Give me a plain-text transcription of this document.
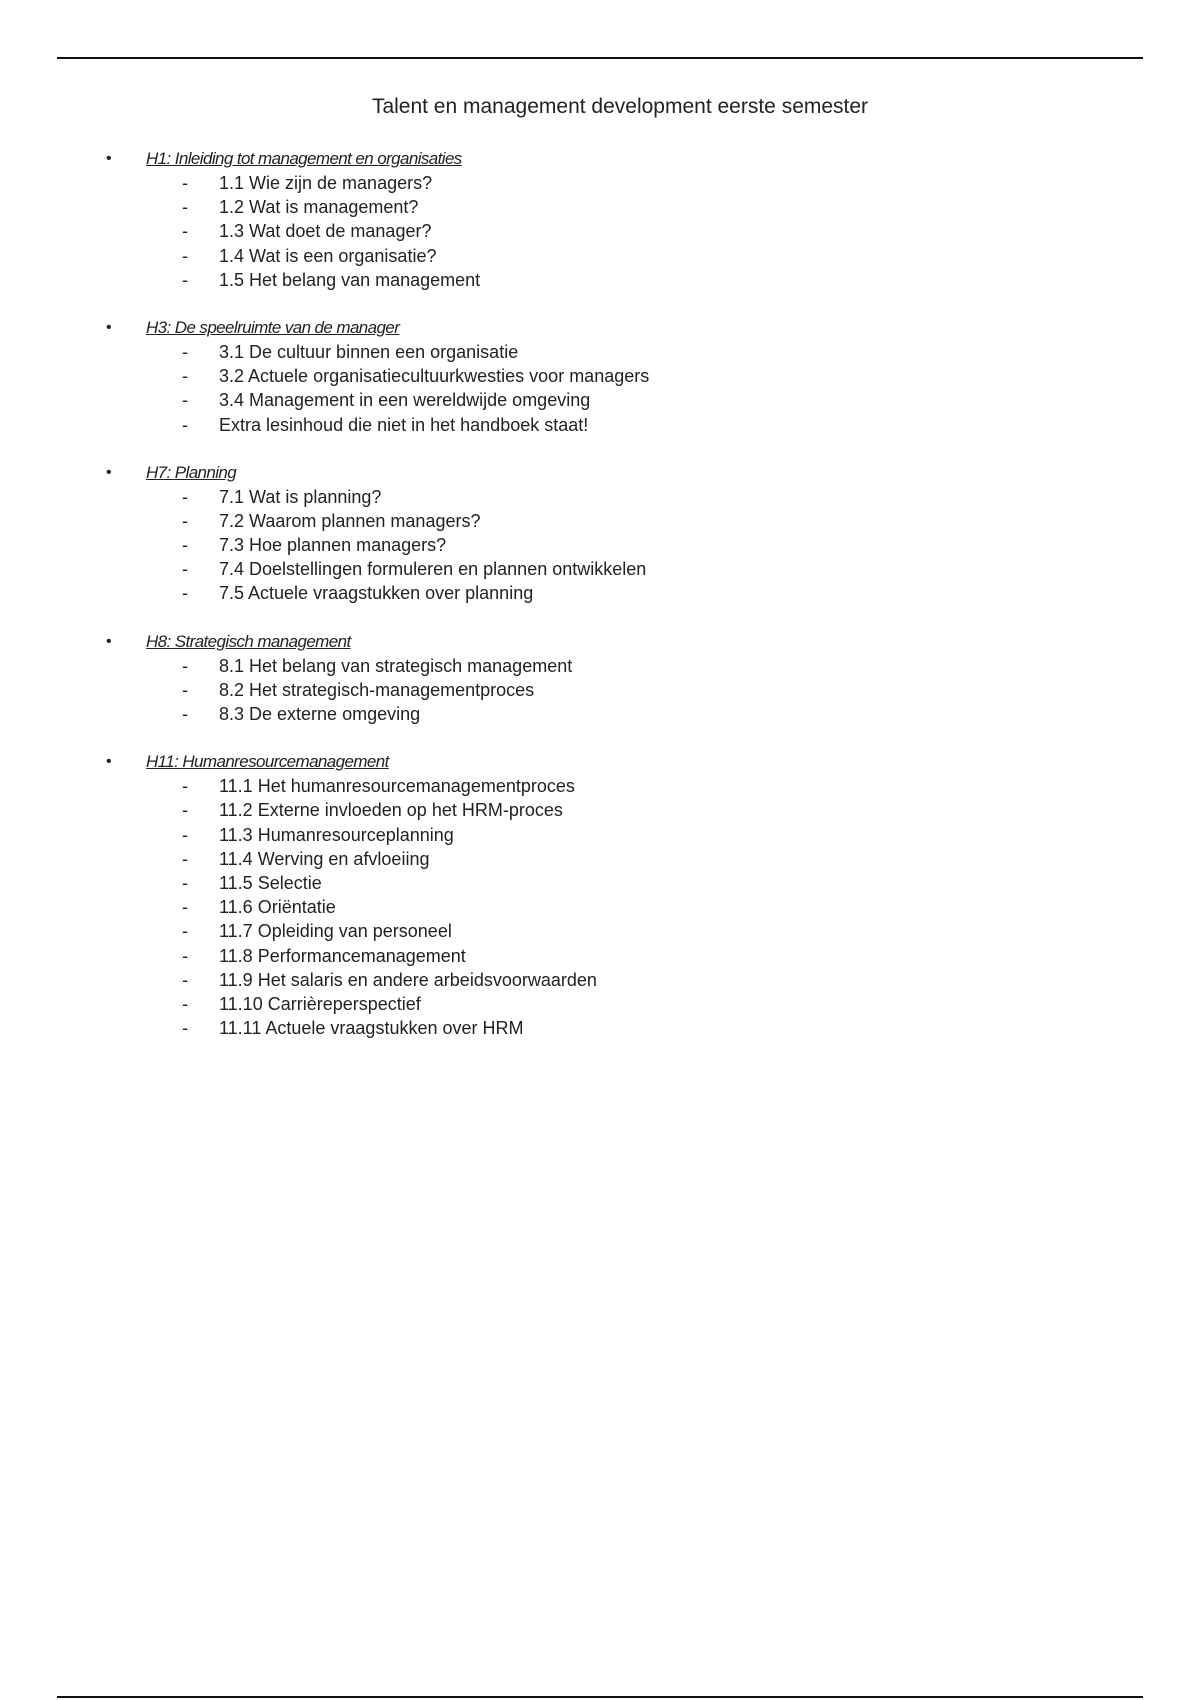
Talent en management development eerste semester
• H1: Inleiding tot management en organisaties
- 1.1 Wie zijn de managers?
- 1.2 Wat is management?
- 1.3 Wat doet de manager?
- 1.4 Wat is een organisatie?
- 1.5 Het belang van management
• H3: De speelruimte van de manager
- 3.1 De cultuur binnen een organisatie
- 3.2 Actuele organisatiecultuurkwesties voor managers
- 3.4 Management in een wereldwijde omgeving
- Extra lesinhoud die niet in het handboek staat!
• H7: Planning
- 7.1 Wat is planning?
- 7.2 Waarom plannen managers?
- 7.3 Hoe plannen managers?
- 7.4 Doelstellingen formuleren en plannen ontwikkelen
- 7.5 Actuele vraagstukken over planning
• H8: Strategisch management
- 8.1 Het belang van strategisch management
- 8.2 Het strategisch-managementproces
- 8.3 De externe omgeving
• H11: Humanresourcemanagement
- 11.1 Het humanresourcemanagementproces
- 11.2 Externe invloeden op het HRM-proces
- 11.3 Humanresourceplanning
- 11.4 Werving en afvloeiing
- 11.5 Selectie
- 11.6 Oriëntatie
- 11.7 Opleiding van personeel
- 11.8 Performancemanagement
- 11.9 Het salaris en andere arbeidsvoorwaarden
- 11.10 Carrièreperspectief
- 11.11 Actuele vraagstukken over HRM
